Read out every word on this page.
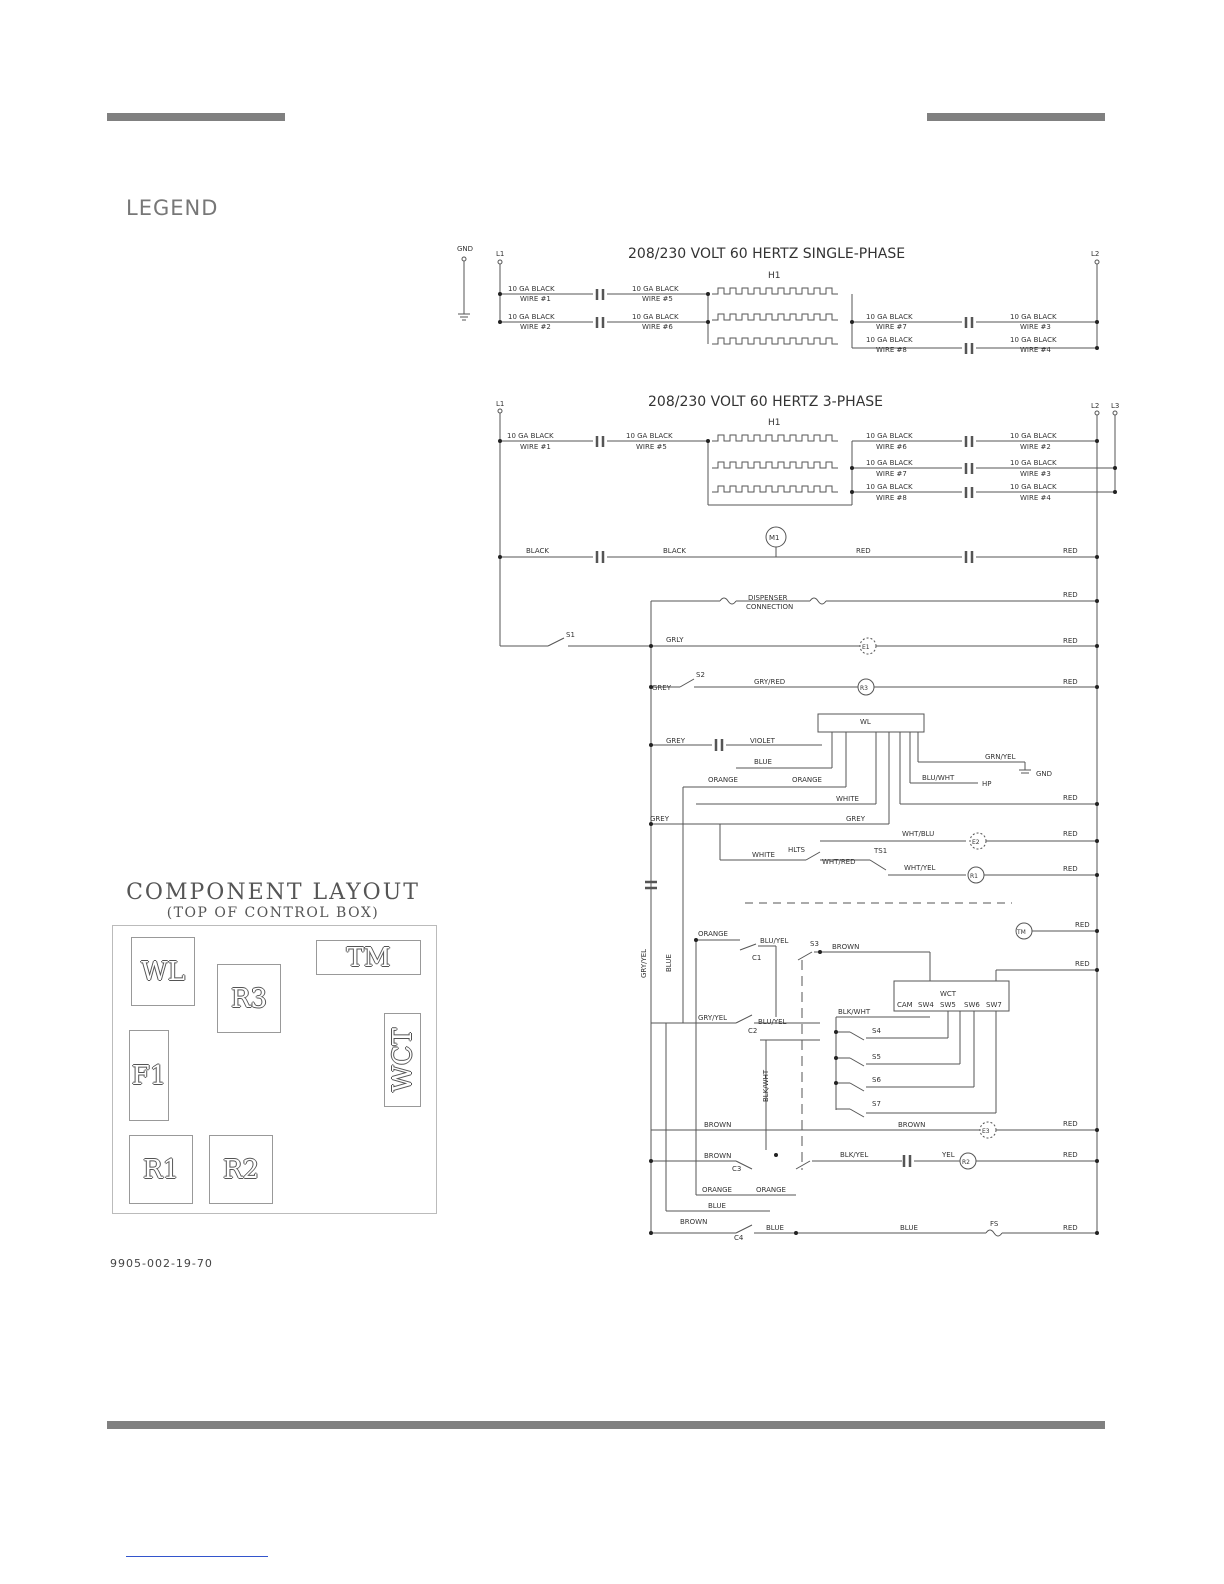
LEGEND
COMPONENT LAYOUT
(TOP OF CONTROL BOX)
WL
R3
TM
F1	WCT
R1 R2
9905-002-19-70
208/230 VOLT 60 HERTZ SINGLE-PHASE
GND
L1	L2
H1
10 GA BLACK
WIRE #1
10 GA BLACK
WIRE #2
10 GA BLACK
WIRE #5
10 GA BLACK
WIRE #6
10 GA BLACK
WIRE #7
10 GA BLACK
WIRE #8
10 GA BLACK
WIRE #3
10 GA BLACK
WIRE #4
208/230 VOLT 60 HERTZ 3-PHASE
L1	L2 L3
H1
10 GA BLACK
WIRE #1
10 GA BLACK
WIRE #5
10 GA BLACK
WIRE #6
10 GA BLACK
WIRE #7
10 GA BLACK
WIRE #8
10 GA BLACK
WIRE #2
10 GA BLACK
WIRE #3
10 GA BLACK
WIRE #4
M1
DISPENSER
CONNECTION
BLACK	BLACK	RED	RED
RED
GRLY	RED
GREY
GRY/RED	RED
GREY	VIOLET
BLUE
ORANGE	ORANGE
WHITE
GREY	GREY
GRN/YEL
BLU/WHT
RED
WHT/BLU	RED
WHITE
WHT/RED
WHT/YEL	RED
ORANGE
BLU/YEL
BROWN
RED
RED
GRY/YEL	BLU/YEL
BLK/WHT
BROWN	BROWN	RED
BROWN	BLK/YEL	YEL	RED
ORANGE	ORANGE
BLUE
BROWN
BLUE	BLUE	RED
GRY/YEL BLUE
BLK/WHT
S1
S2
S3
S4
S5
S6
S7
C1
C2
C3
C4
HLTS	TS1
FS
HP
GND
E1
E2
E3
R1
R2
R3
TM
WL
WCT
CAM SW4 SW5 SW6 SW7
